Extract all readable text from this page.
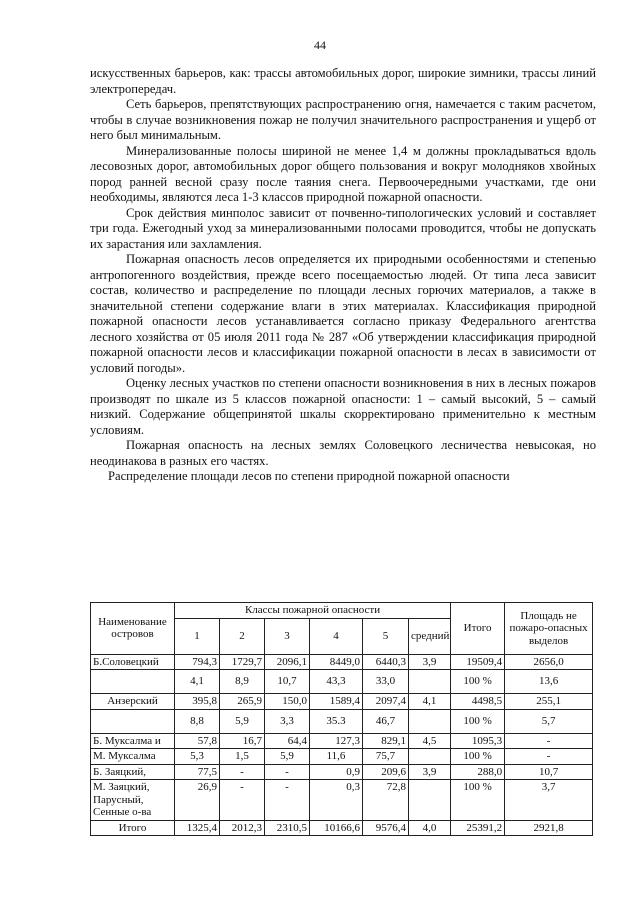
44

искусственных барьеров, как: трассы автомобильных дорог, широкие зимники, трассы линий электропередач.

Сеть барьеров, препятствующих распространению огня, намечается с таким расчетом, чтобы в случае возникновения пожар не получил значительного распространения и ущерб от него был минимальным.

Минерализованные полосы шириной не менее 1,4 м должны прокладываться вдоль лесовозных дорог, автомобильных дорог общего пользования и вокруг молодняков хвойных пород ранней весной сразу после таяния снега. Первоочередными участками, где они необходимы, являются леса 1-3 классов природной пожарной опасности.

Срок действия минполос зависит от почвенно-типологических условий и составляет три года. Ежегодный уход за минерализованными полосами проводится, чтобы не допускать их зарастания или захламления.

Пожарная опасность лесов определяется их природными особенностями и степенью антропогенного воздействия, прежде всего посещаемостью людей. От типа леса зависит состав, количество и распределение по площади лесных горючих материалов, а также в значительной степени содержание влаги в этих материалах. Классификация природной пожарной опасности лесов устанавливается согласно приказу Федерального агентства лесного хозяйства от 05 июля 2011 года № 287 «Об утверждении классификация природной пожарной опасности лесов и классификации пожарной опасности в лесах в зависимости от условий погоды».

Оценку лесных участков по степени опасности возникновения в них в лесных пожаров производят по шкале из 5 классов пожарной опасности: 1 – самый высокий, 5 – самый низкий. Содержание общепринятой шкалы скорректировано применительно к местным условиям.

Пожарная опасность на лесных землях Соловецкого лесничества невысокая, но неодинакова в разных его частях.

Распределение площади лесов по степени природной пожарной опасности

Наименование островов	Классы пожарной опасности						Итого	Площадь не пожаро-опасных выделов
	1	2	3	4	5	средний		
Б.Соловецкий	794,3	1729,7	2096,1	8449,0	6440,3	3,9	19509,4	2656,0
	4,1	8,9	10,7	43,3	33,0		100 %	13,6
Анзерский	395,8	265,9	150,0	1589,4	2097,4	4,1	4498,5	255,1
	8,8	5,9	3,3	35.3	46,7		100 %	5,7
Б. Муксалма и	57,8	16,7	64,4	127,3	829,1	4,5	1095,3	-
М. Муксалма	5,3	1,5	5,9	11,6	75,7		100 %	-
Б. Заяцкий,	77,5	-	-	0,9	209,6	3,9	288,0	10,7
М. Заяцкий, Парусный, Сенные о-ва	26,9	-	-	0,3	72,8		100 %	3,7
Итого	1325,4	2012,3	2310,5	10166,6	9576,4	4,0	25391,2	2921,8
